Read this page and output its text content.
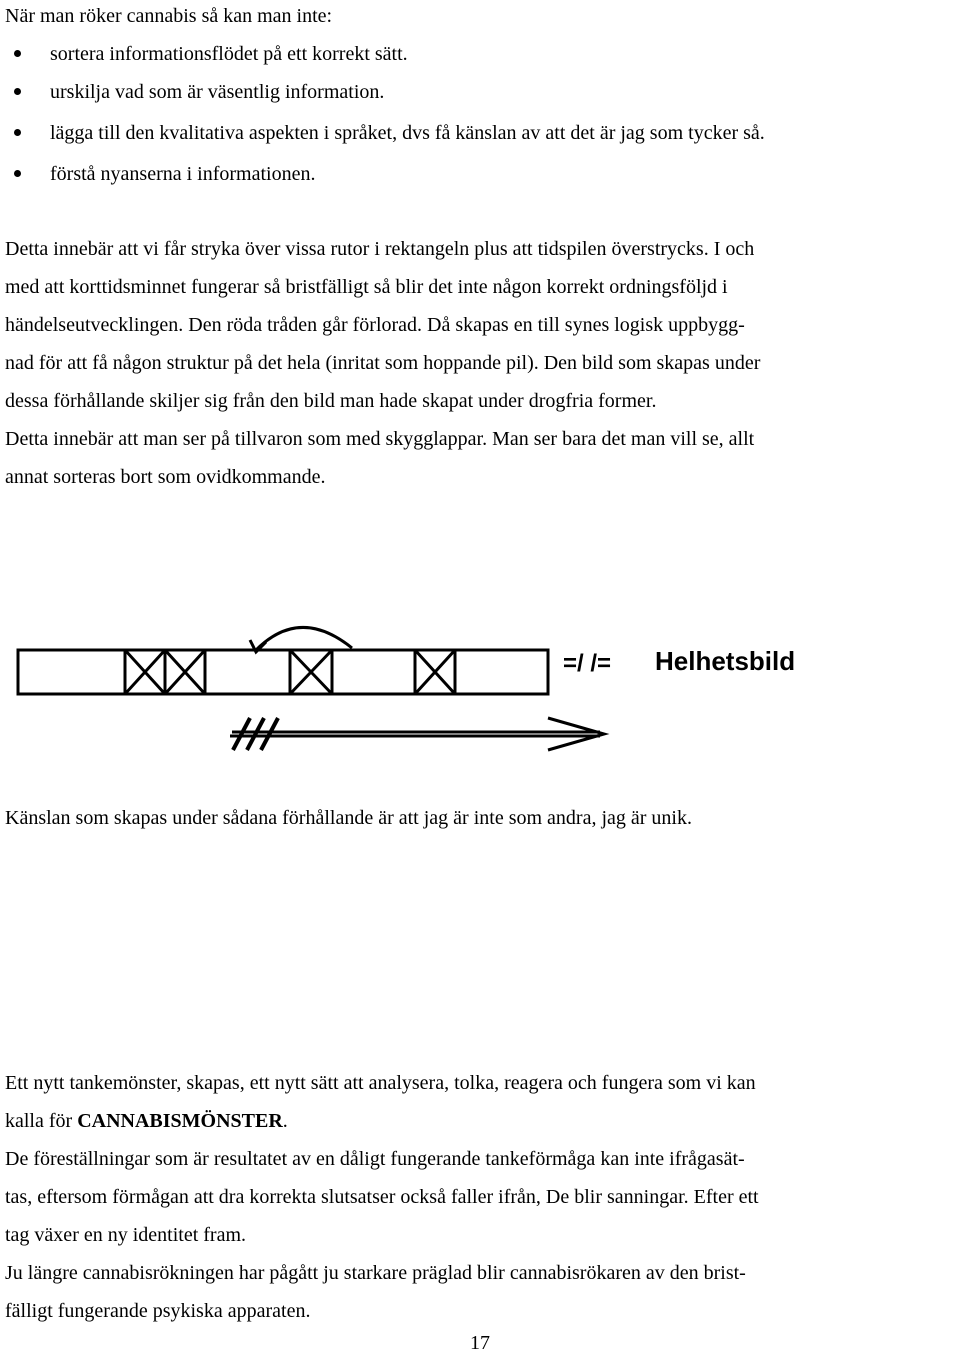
När man röker cannabis så kan man inte:
sortera informationsflödet på ett korrekt sätt.
urskilja vad som är väsentlig information.
lägga till den kvalitativa aspekten i språket, dvs få känslan av att det är jag som tycker så.
förstå nyanserna i informationen.
Detta innebär att vi får stryka över vissa rutor i rektangeln plus att tidspilen överstrycks. I och
med att korttidsminnet fungerar så bristfälligt så blir det inte någon korrekt ordningsföljd i
händelseutvecklingen. Den röda tråden går förlorad. Då skapas en till synes logisk uppbygg-
nad för att få någon struktur på det hela (inritat som hoppande pil). Den bild som skapas under
dessa förhållande skiljer sig från den bild man hade skapat under drogfria former.
Detta innebär att man ser på tillvaron som med skygglappar. Man ser bara det man vill se, allt
annat sorteras bort som ovidkommande.
=/ /= Helhetsbild
Känslan som skapas under sådana förhållande är att jag är inte som andra, jag är unik.
Ett nytt tankemönster, skapas, ett nytt sätt att analysera, tolka, reagera och fungera som vi kan
kalla för CANNABISMÖNSTER.
De föreställningar som är resultatet av en dåligt fungerande tankeförmåga kan inte ifrågasät-
tas, eftersom förmågan att dra korrekta slutsatser också faller ifrån, De blir sanningar. Efter ett
tag växer en ny identitet fram.
Ju längre cannabisrökningen har pågått ju starkare präglad blir cannabisrökaren av den brist-
fälligt fungerande psykiska apparaten.
17
